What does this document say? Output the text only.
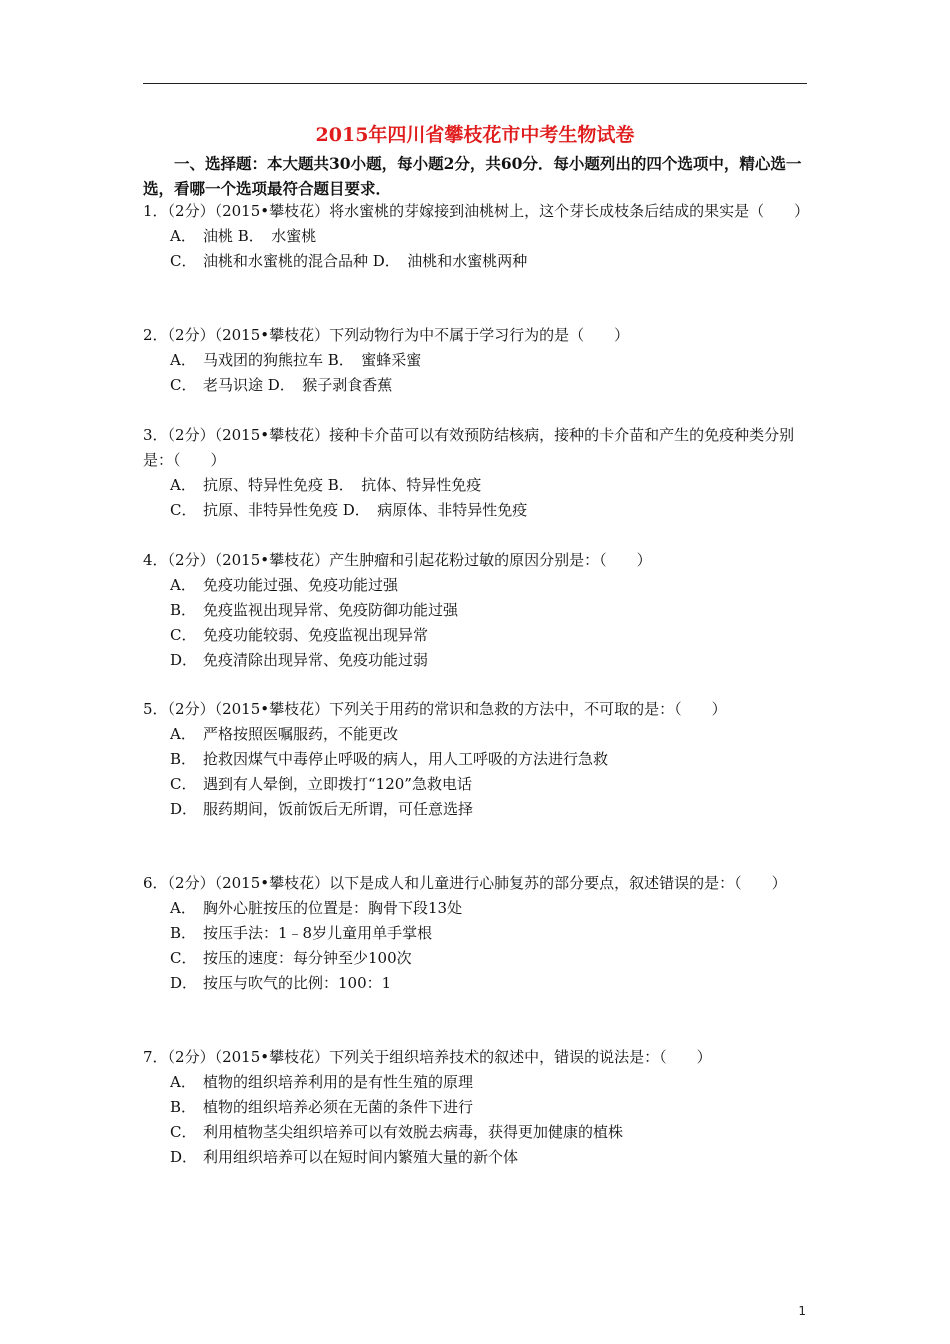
2015年四川省攀枝花市中考生物试卷
一、选择题：本大题共30小题，每小题2分，共60分．每小题列出的四个选项中，精心选一选，看哪一个选项最符合题目要求．
1．（2分）（2015•攀枝花）将水蜜桃的芽嫁接到油桃树上，这个芽长成枝条后结成的果实是（　　）
A． 油桃 B．　水蜜桃
C． 油桃和水蜜桃的混合品种 D．　油桃和水蜜桃两种
2．（2分）（2015•攀枝花）下列动物行为中不属于学习行为的是（　　）
A． 马戏团的狗熊拉车 B．　蜜蜂采蜜
C． 老马识途 D．　猴子剥食香蕉
3．（2分）（2015•攀枝花）接种卡介苗可以有效预防结核病，接种的卡介苗和产生的免疫种类分别是：（　　）
A． 抗原、特异性免疫 B．　抗体、特异性免疫
C． 抗原、非特异性免疫 D．　病原体、非特异性免疫
4．（2分）（2015•攀枝花）产生肿瘤和引起花粉过敏的原因分别是：（　　）
A． 免疫功能过强、免疫功能过强
B． 免疫监视出现异常、免疫防御功能过强
C． 免疫功能较弱、免疫监视出现异常
D． 免疫清除出现异常、免疫功能过弱
5．（2分）（2015•攀枝花）下列关于用药的常识和急救的方法中，不可取的是：（　　）
A． 严格按照医嘱服药，不能更改
B． 抢救因煤气中毒停止呼吸的病人，用人工呼吸的方法进行急救
C． 遇到有人晕倒，立即拨打“120”急救电话
D． 服药期间，饭前饭后无所谓，可任意选择
6．（2分）（2015•攀枝花）以下是成人和儿童进行心肺复苏的部分要点，叙述错误的是：（　　）
A． 胸外心脏按压的位置是：胸骨下段13处
B． 按压手法：1﹣8岁儿童用单手掌根
C． 按压的速度：每分钟至少100次
D． 按压与吹气的比例：100：1
7．（2分）（2015•攀枝花）下列关于组织培养技术的叙述中，错误的说法是：（　　）
A． 植物的组织培养利用的是有性生殖的原理
B． 植物的组织培养必须在无菌的条件下进行
C． 利用植物茎尖组织培养可以有效脱去病毒，获得更加健康的植株
D． 利用组织培养可以在短时间内繁殖大量的新个体
1
